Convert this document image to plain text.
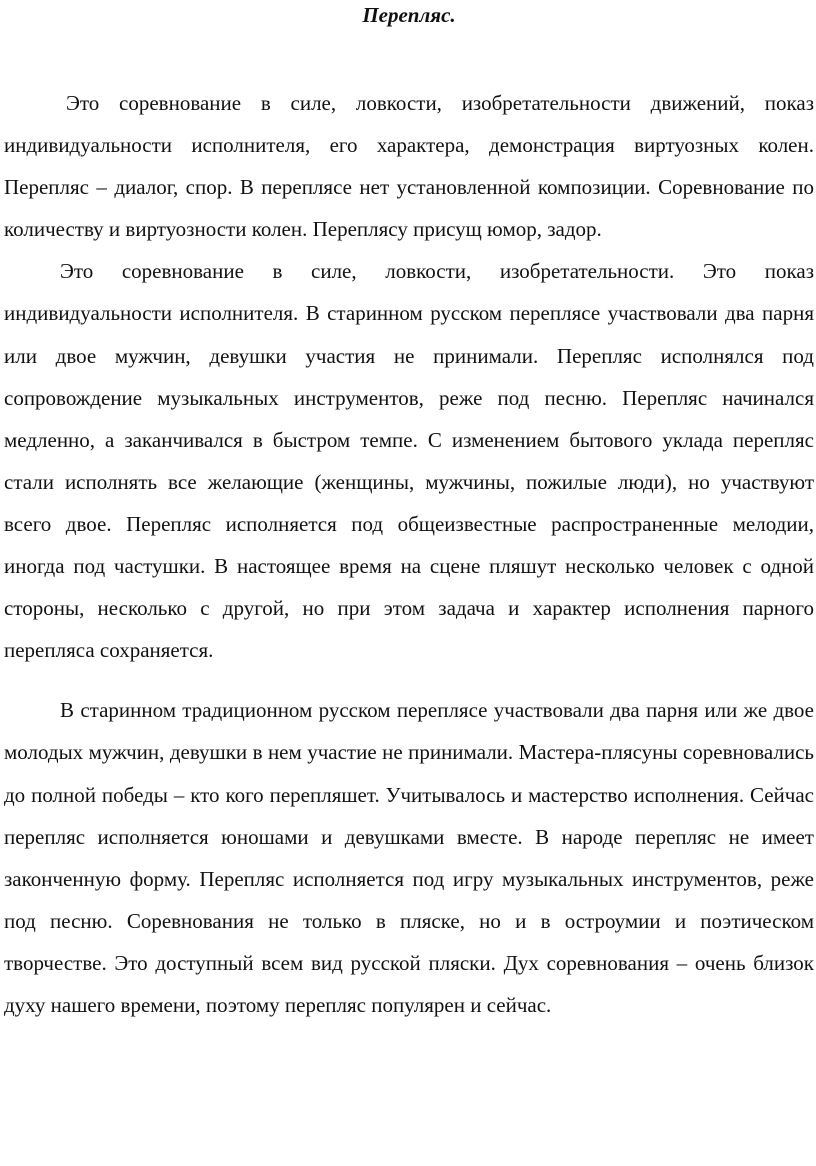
Перепляс.

Это соревнование в силе, ловкости, изобретательности движений, показ индивидуальности исполнителя, его характера, демонстрация виртуозных колен. Перепляс – диалог, спор. В переплясе нет установленной композиции. Соревнование по количеству и виртуозности колен. Переплясу присущ юмор, задор.

Это соревнование в силе, ловкости, изобретательности. Это показ индивидуальности исполнителя. В старинном русском переплясе участвовали два парня или двое мужчин, девушки участия не принимали. Перепляс исполнялся под сопровождение музыкальных инструментов, реже под песню. Перепляс начинался медленно, а заканчивался в быстром темпе. С изменением бытового уклада перепляс стали исполнять все желающие (женщины, мужчины, пожилые люди), но участвуют всего двое. Перепляс исполняется под общеизвестные распространенные мелодии, иногда под частушки. В настоящее время на сцене пляшут несколько человек с одной стороны, несколько с другой, но при этом задача и характер исполнения парного перепляса сохраняется.

В старинном традиционном русском переплясе участвовали два парня или же двое молодых мужчин, девушки в нем участие не принимали. Мастера-плясуны соревновались до полной победы – кто кого перепляшет. Учитывалось и мастерство исполнения. Сейчас перепляс исполняется юношами и девушками вместе. В народе перепляс не имеет законченную форму. Перепляс исполняется под игру музыкальных инструментов, реже под песню. Соревнования не только в пляске, но и в остроумии и поэтическом творчестве. Это доступный всем вид русской пляски. Дух соревнования – очень близок духу нашего времени, поэтому перепляс популярен и сейчас.
